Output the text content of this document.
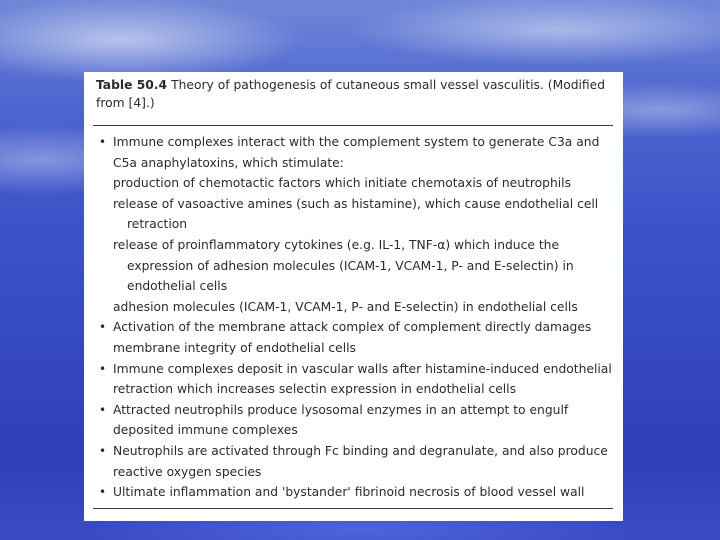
Table 50.4 Theory of pathogenesis of cutaneous small vessel vasculitis. (Modified
from [4].)

• Immune complexes interact with the complement system to generate C3a and
C5a anaphylatoxins, which stimulate:
production of chemotactic factors which initiate chemotaxis of neutrophils
release of vasoactive amines (such as histamine), which cause endothelial cell
retraction
release of proinflammatory cytokines (e.g. IL-1, TNF-α) which induce the
expression of adhesion molecules (ICAM-1, VCAM-1, P- and E-selectin) in
endothelial cells
adhesion molecules (ICAM-1, VCAM-1, P- and E-selectin) in endothelial cells
• Activation of the membrane attack complex of complement directly damages
membrane integrity of endothelial cells
• Immune complexes deposit in vascular walls after histamine-induced endothelial
retraction which increases selectin expression in endothelial cells
• Attracted neutrophils produce lysosomal enzymes in an attempt to engulf
deposited immune complexes
• Neutrophils are activated through Fc binding and degranulate, and also produce
reactive oxygen species
• Ultimate inflammation and 'bystander' fibrinoid necrosis of blood vessel wall
